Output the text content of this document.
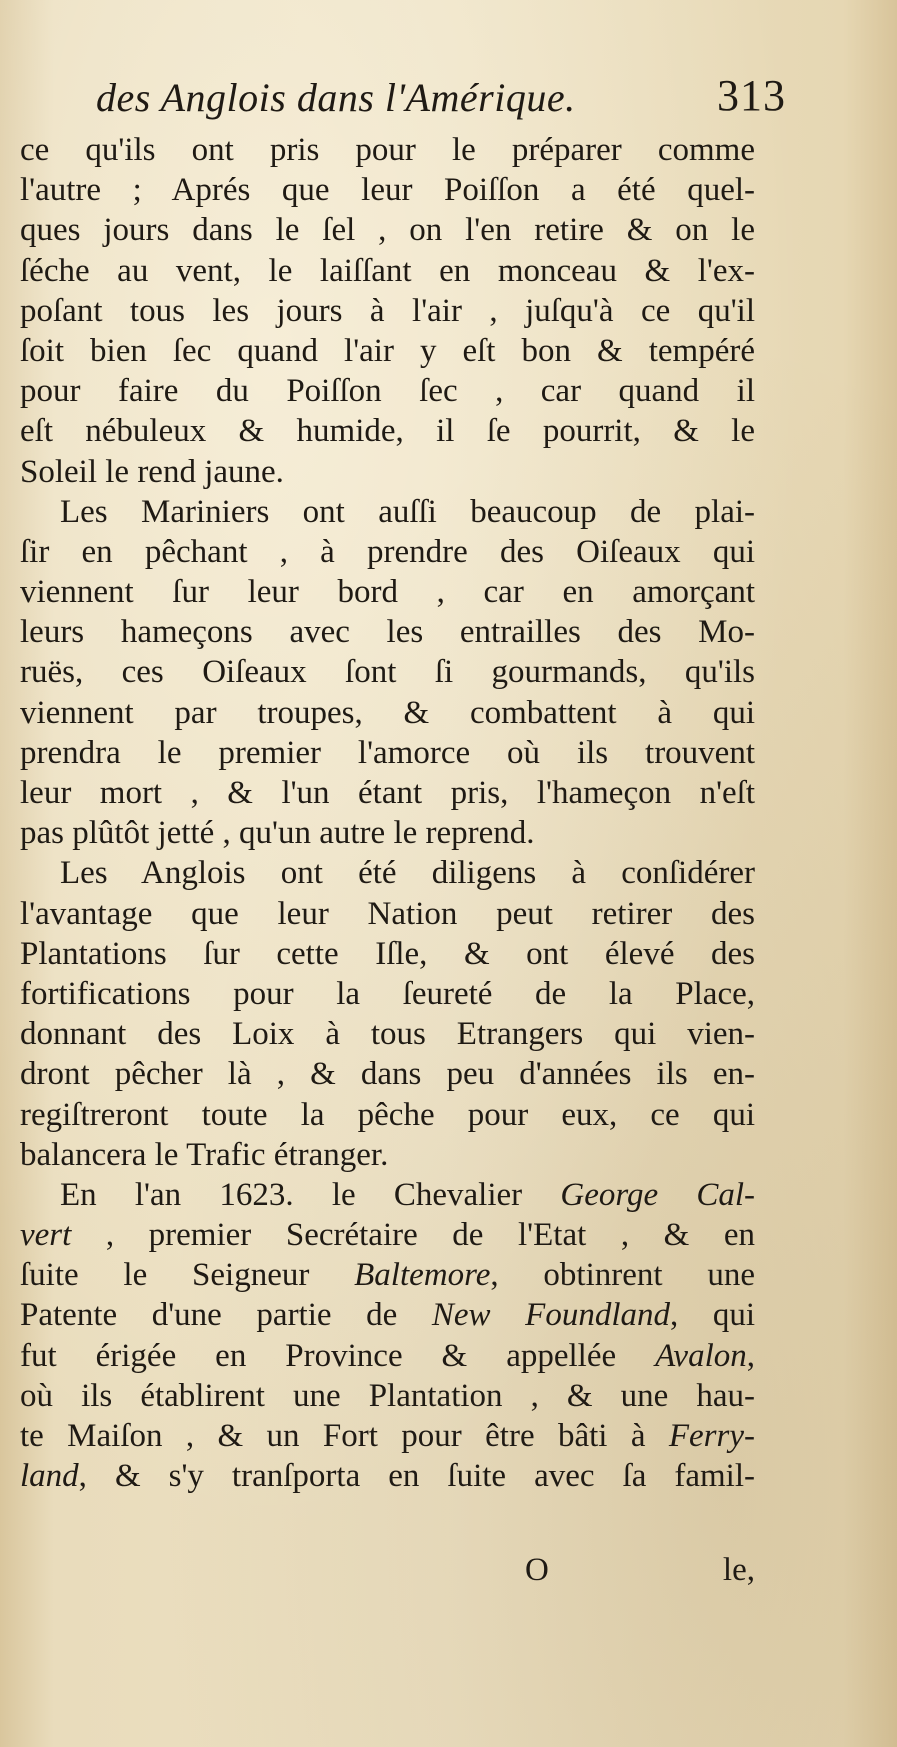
des Anglois dans l'Amérique.	313
ce qu'ils ont pris pour le préparer comme
l'autre ; Aprés que leur Poiſſon a été quel-
ques jours dans le ſel , on l'en retire & on le
ſéche au vent, le laiſſant en monceau & l'ex-
poſant tous les jours à l'air , juſqu'à ce qu'il
ſoit bien ſec quand l'air y eſt bon & tempéré
pour faire du Poiſſon ſec , car quand il
eſt nébuleux & humide, il ſe pourrit, & le
Soleil le rend jaune.
Les Mariniers ont auſſi beaucoup de plai-
ſir en pêchant , à prendre des Oiſeaux qui
viennent ſur leur bord , car en amorçant
leurs hameçons avec les entrailles des Mo-
ruës, ces Oiſeaux ſont ſi gourmands, qu'ils
viennent par troupes, & combattent à qui
prendra le premier l'amorce où ils trouvent
leur mort , & l'un étant pris, l'hameçon n'eſt
pas plûtôt jetté , qu'un autre le reprend.
Les Anglois ont été diligens à conſidérer
l'avantage que leur Nation peut retirer des
Plantations ſur cette Iſle, & ont élevé des
fortifications pour la ſeureté de la Place,
donnant des Loix à tous Etrangers qui vien-
dront pêcher là , & dans peu d'années ils en-
regiſtreront toute la pêche pour eux, ce qui
balancera le Trafic étranger.
En l'an 1623. le Chevalier George Cal-
vert , premier Secrétaire de l'Etat , & en
ſuite le Seigneur Baltemore, obtinrent une
Patente d'une partie de New Foundland, qui
fut érigée en Province & appellée Avalon,
où ils établirent une Plantation , & une hau-
te Maiſon , & un Fort pour être bâti à Ferry-
land, & s'y tranſporta en ſuite avec ſa famil-
O	le,
